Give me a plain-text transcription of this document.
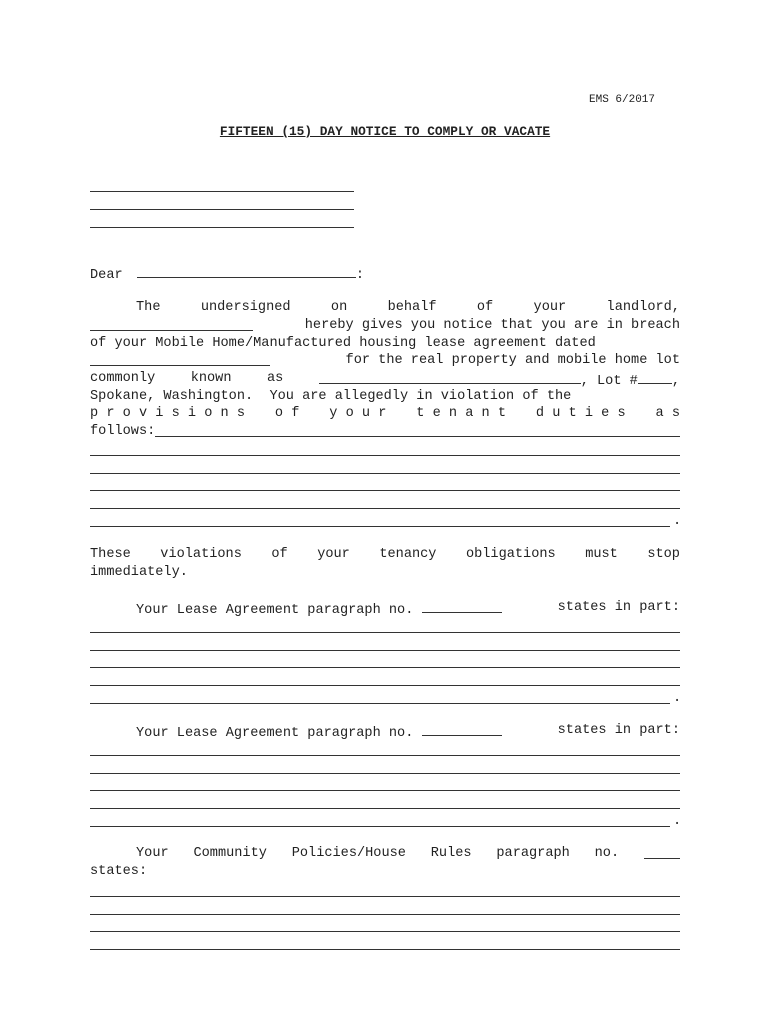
EMS 6/2017
FIFTEEN (15) DAY NOTICE TO COMPLY OR VACATE
Dear	:
The	undersigned	on	behalf	of	your	landlord,
hereby gives you notice that you are in breach
of your Mobile Home/Manufactured housing lease agreement dated
for the real property and mobile home lot
commonly	known	as	, Lot #	,
Spokane, Washington.  You are allegedly in violation of the
p r o v i s i o n s o f y o u r t e n a n t d u t i e s a s
follows:
.
These violations of your tenancy obligations must stop
immediately.
Your Lease Agreement paragraph no.	states in part:
.
Your Lease Agreement paragraph no.	states in part:
.
Your Community Policies/House Rules paragraph no.
states:
